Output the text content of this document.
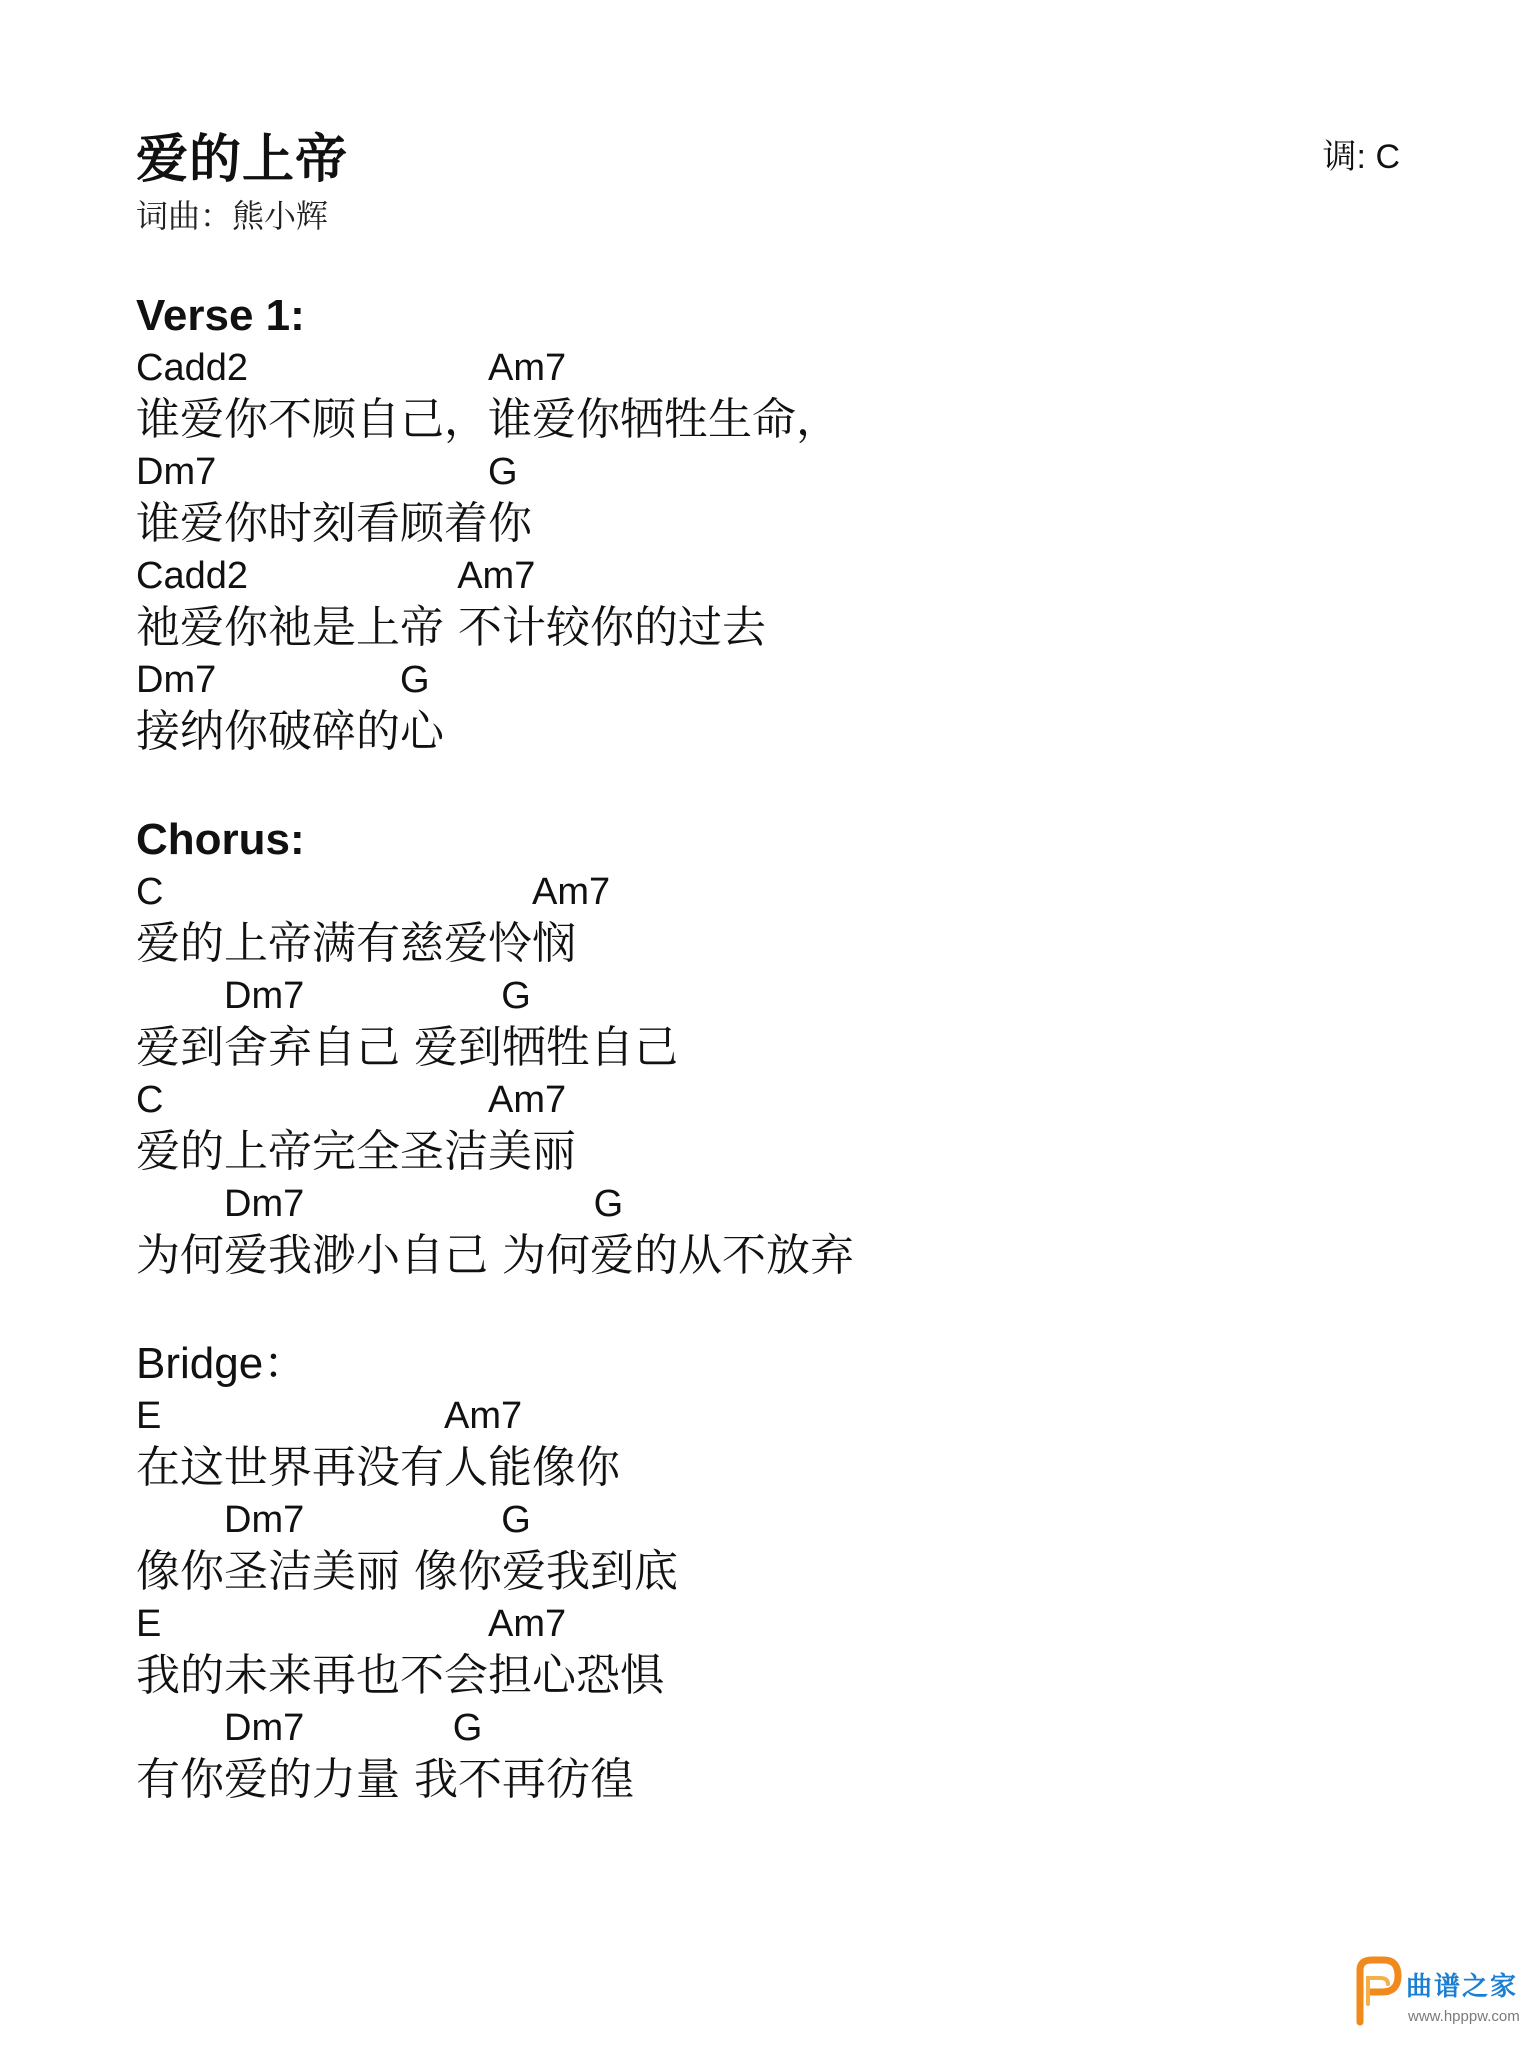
爱的上帝
词曲：熊小辉
调: C
Verse 1:

Cadd2

	Am7

谁爱你不顾自己，谁爱你牺牲生命，

Dm7

	G

谁爱你时刻看顾着你

Cadd2

	Am7

祂爱你祂是上帝 不计较你的过去

Dm7

	G

接纳你破碎的心
Chorus:

C

	Am7

爱的上帝满有慈爱怜悯

Dm7

	G

爱到舍弃自己 爱到牺牲自己

C

	Am7

爱的上帝完全圣洁美丽

Dm7

	G

为何爱我渺小自己 为何爱的从不放弃
Bridge：

E

	Am7

在这世界再没有人能像你

Dm7

	G

像你圣洁美丽 像你爱我到底

E

	Am7

我的未来再也不会担心恐惧

Dm7

	G

有你爱的力量 我不再彷徨
曲谱之家
www.hpppw.com
